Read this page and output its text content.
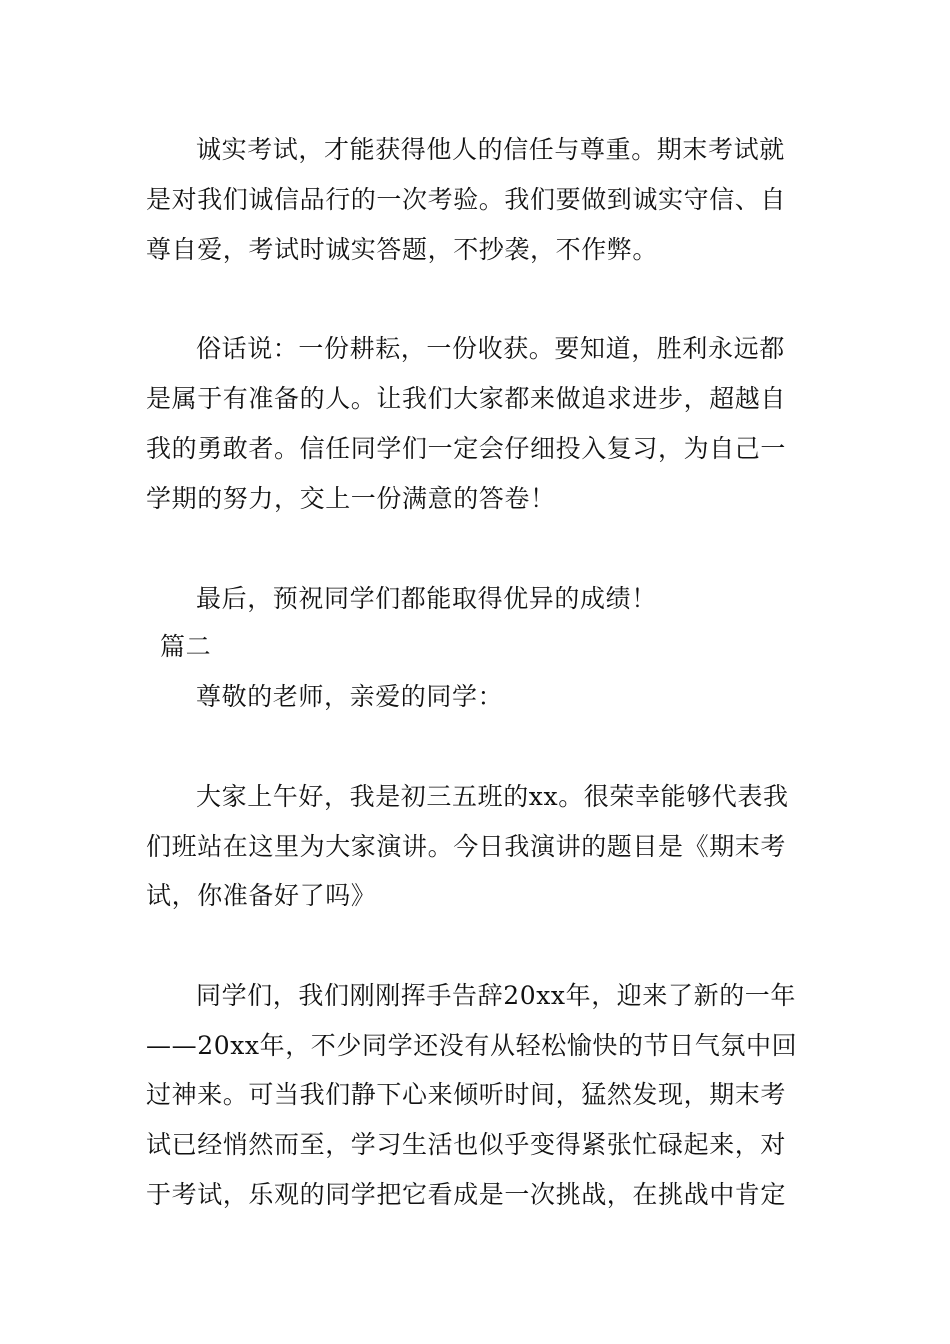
诚实考试，才能获得他人的信任与尊重。期末考试就
是对我们诚信品行的一次考验。我们要做到诚实守信、自
尊自爱，考试时诚实答题，不抄袭，不作弊。
俗话说：一份耕耘，一份收获。要知道，胜利永远都
是属于有准备的人。让我们大家都来做追求进步，超越自
我的勇敢者。信任同学们一定会仔细投入复习，为自己一
学期的努力，交上一份满意的答卷！
最后，预祝同学们都能取得优异的成绩！
篇二
尊敬的老师，亲爱的同学：
大家上午好，我是初三五班的xx。很荣幸能够代表我
们班站在这里为大家演讲。今日我演讲的题目是《期末考
试，你准备好了吗》
同学们，我们刚刚挥手告辞20xx年，迎来了新的一年
——20xx年，不少同学还没有从轻松愉快的节日气氛中回
过神来。可当我们静下心来倾听时间，猛然发现，期末考
试已经悄然而至，学习生活也似乎变得紧张忙碌起来，对
于考试，乐观的同学把它看成是一次挑战，在挑战中肯定
